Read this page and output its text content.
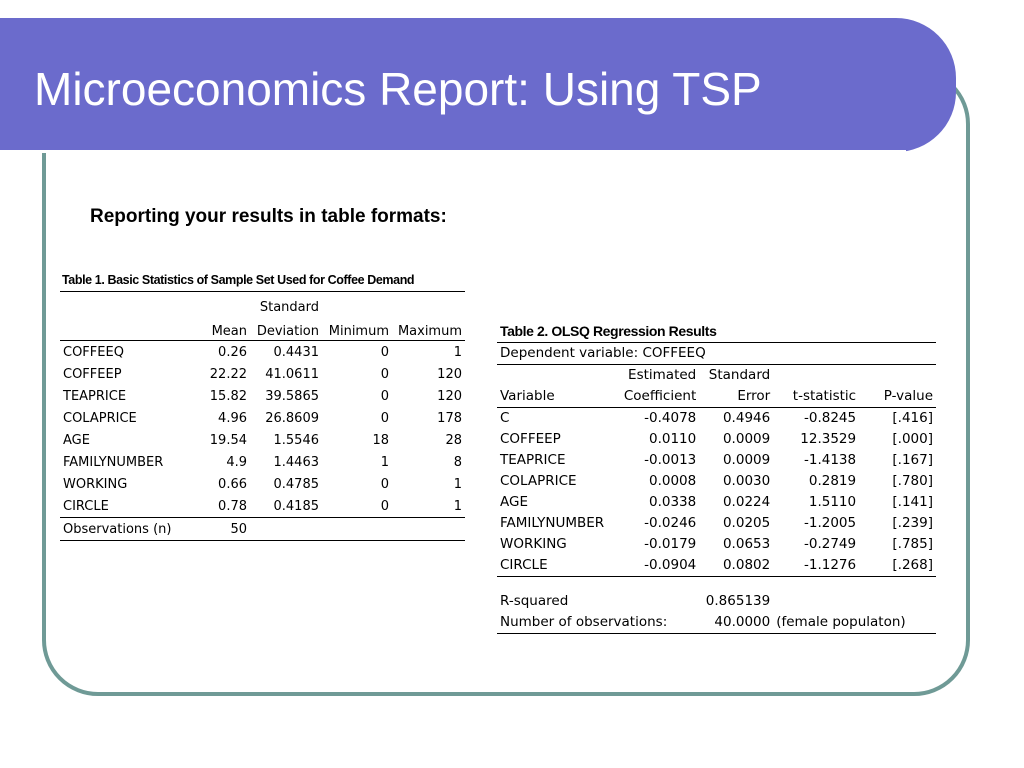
Microeconomics Report: Using TSP
Reporting your results in table formats:
Table 1. Basic Statistics of Sample Set Used for Coffee Demand
		Standard		
	Mean	Deviation	Minimum	Maximum
COFFEEQ	0.26	0.4431	0	1
COFFEEP	22.22	41.0611	0	120
TEAPRICE	15.82	39.5865	0	120
COLAPRICE	4.96	26.8609	0	178
AGE	19.54	1.5546	18	28
FAMILYNUMBER	4.9	1.4463	1	8
WORKING	0.66	0.4785	0	1
CIRCLE	0.78	0.4185	0	1
Observations (n)	50			
Table 2. OLSQ Regression Results
Dependent variable: COFFEEQ				
	Estimated	Standard		
Variable	Coefficient	Error	t-statistic	P-value
C	-0.4078	0.4946	-0.8245	[.416]
COFFEEP	0.0110	0.0009	12.3529	[.000]
TEAPRICE	-0.0013	0.0009	-1.4138	[.167]
COLAPRICE	0.0008	0.0030	0.2819	[.780]
AGE	0.0338	0.0224	1.5110	[.141]
FAMILYNUMBER	-0.0246	0.0205	-1.2005	[.239]
WORKING	-0.0179	0.0653	-0.2749	[.785]
CIRCLE	-0.0904	0.0802	-1.1276	[.268]

R-squared		0.865139		
Number of observations:		40.0000	(female populaton)	
